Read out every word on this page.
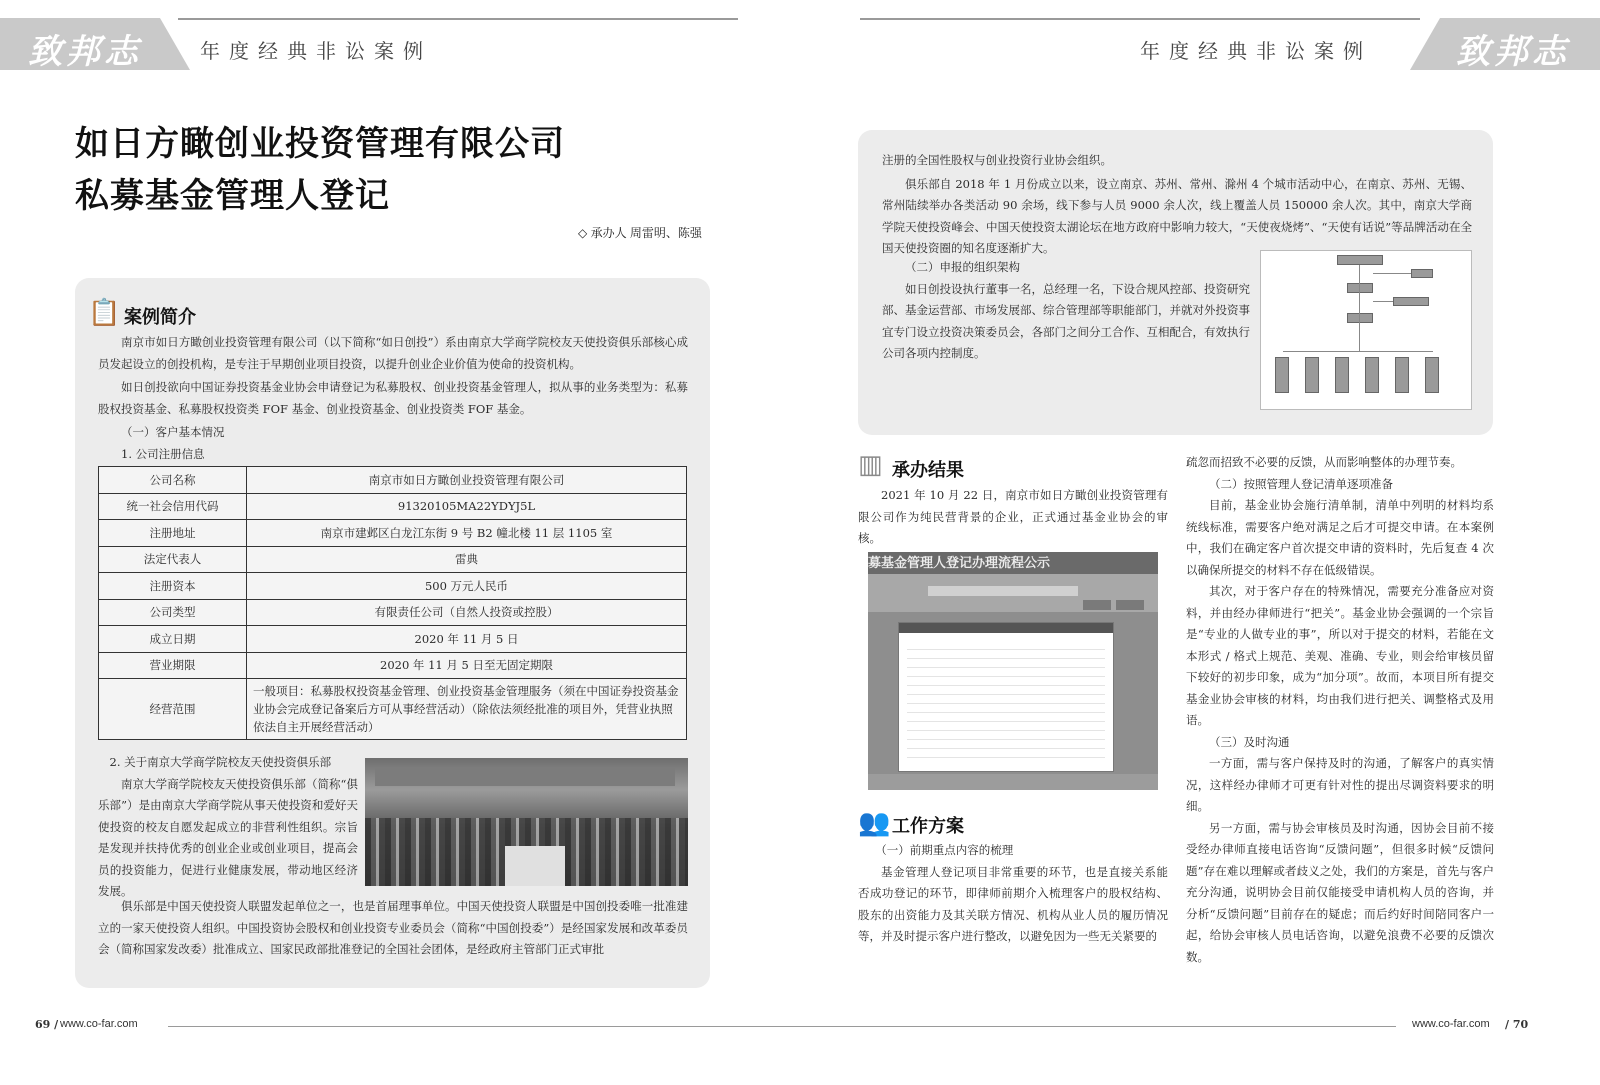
致邦志	年度经典非讼案例	致邦志
年度经典非讼案例
如日方瞰创业投资管理有限公司
私募基金管理人登记
◇ 承办人 周雷明、陈强
📋 案例简介

南京市如日方瞰创业投资管理有限公司（以下简称“如日创投”）系由南京大学商学院校友天使投资俱乐部核心成员发起设立的创投机构，是专注于早期创业项目投资，以提升创业企业价值为使命的投资机构。

如日创投欲向中国证券投资基金业协会申请登记为私募股权、创业投资基金管理人，拟从事的业务类型为：私募股权投资基金、私募股权投资类 FOF 基金、创业投资基金、创业投资类 FOF 基金。

（一）客户基本情况

1. 公司注册信息

公司名称	南京市如日方瞰创业投资管理有限公司
统一社会信用代码	91320105MA22YDYJ5L
注册地址	南京市建邺区白龙江东街 9 号 B2 幢北楼 11 层 1105 室
法定代表人	雷典
注册资本	500 万元人民币
公司类型	有限责任公司（自然人投资或控股）
成立日期	2020 年 11 月 5 日
营业期限	2020 年 11 月 5 日至无固定期限
经营范围	一般项目：私募股权投资基金管理、创业投资基金管理服务（须在中国证券投资基金业协会完成登记备案后方可从事经营活动）（除依法须经批准的项目外，凭营业执照依法自主开展经营活动）

2. 关于南京大学商学院校友天使投资俱乐部

南京大学商学院校友天使投资俱乐部（简称“俱乐部”）是由南京大学商学院从事天使投资和爱好天使投资的校友自愿发起成立的非营利性组织。宗旨是发现并扶持优秀的创业企业或创业项目，提高会员的投资能力，促进行业健康发展，带动地区经济发展。

俱乐部是中国天使投资人联盟发起单位之一，也是首届理事单位。中国天使投资人联盟是中国创投委唯一批准建立的一家天使投资人组织。中国投资协会股权和创业投资专业委员会（简称“中国创投委”）是经国家发展和改革委员会（简称国家发改委）批准成立、国家民政部批准登记的全国社会团体，是经政府主管部门正式审批

注册的全国性股权与创业投资行业协会组织。

俱乐部自 2018 年 1 月份成立以来，设立南京、苏州、常州、滁州 4 个城市活动中心，在南京、苏州、无锡、常州陆续举办各类活动 90 余场，线下参与人员 9000 余人次，线上覆盖人员 150000 余人次。其中，南京大学商学院天使投资峰会、中国天使投资太湖论坛在地方政府中影响力较大，“天使夜烧烤”、“天使有话说”等品牌活动在全国天使投资圈的知名度逐渐扩大。

（二）申报的组织架构

如日创投设执行董事一名，总经理一名，下设合规风控部、投资研究部、基金运营部、市场发展部、综合管理部等职能部门，并就对外投资事宜专门设立投资决策委员会，各部门之间分工合作、互相配合，有效执行公司各项内控制度。

▥ 承办结果

2021 年 10 月 22 日，南京市如日方瞰创业投资管理有限公司作为纯民营背景的企业，正式通过基金业协会的审核。

募基金管理人登记办理流程公示
👥 工作方案

（一）前期重点内容的梳理

基金管理人登记项目非常重要的环节，也是直接关系能否成功登记的环节，即律师前期介入梳理客户的股权结构、股东的出资能力及其关联方情况、机构从业人员的履历情况等，并及时提示客户进行整改，以避免因为一些无关紧要的

疏忽而招致不必要的反馈，从而影响整体的办理节奏。

（二）按照管理人登记清单逐项准备

目前，基金业协会施行清单制，清单中列明的材料均系统线标准，需要客户绝对满足之后才可提交申请。在本案例中，我们在确定客户首次提交申请的资料时，先后复查 4 次以确保所提交的材料不存在低级错误。

其次，对于客户存在的特殊情况，需要充分准备应对资料，并由经办律师进行“把关”。基金业协会强调的一个宗旨是“专业的人做专业的事”，所以对于提交的材料，若能在文本形式 / 格式上规范、美观、准确、专业，则会给审核员留下较好的初步印象，成为“加分项”。故而，本项目所有提交基金业协会审核的材料，均由我们进行把关、调整格式及用语。

（三）及时沟通

一方面，需与客户保持及时的沟通，了解客户的真实情况，这样经办律师才可更有针对性的提出尽调资料要求的明细。

另一方面，需与协会审核员及时沟通，因协会目前不接受经办律师直接电话咨询“反馈问题”，但很多时候“反馈问题”存在难以理解或者歧义之处，我们的方案是，首先与客户充分沟通，说明协会目前仅能接受申请机构人员的咨询，并分析“反馈问题”目前存在的疑虑；而后约好时间陪同客户一起，给协会审核人员电话咨询，以避免浪费不必要的反馈次数。

69 / www.co-far.com	www.co-far.com / 70
